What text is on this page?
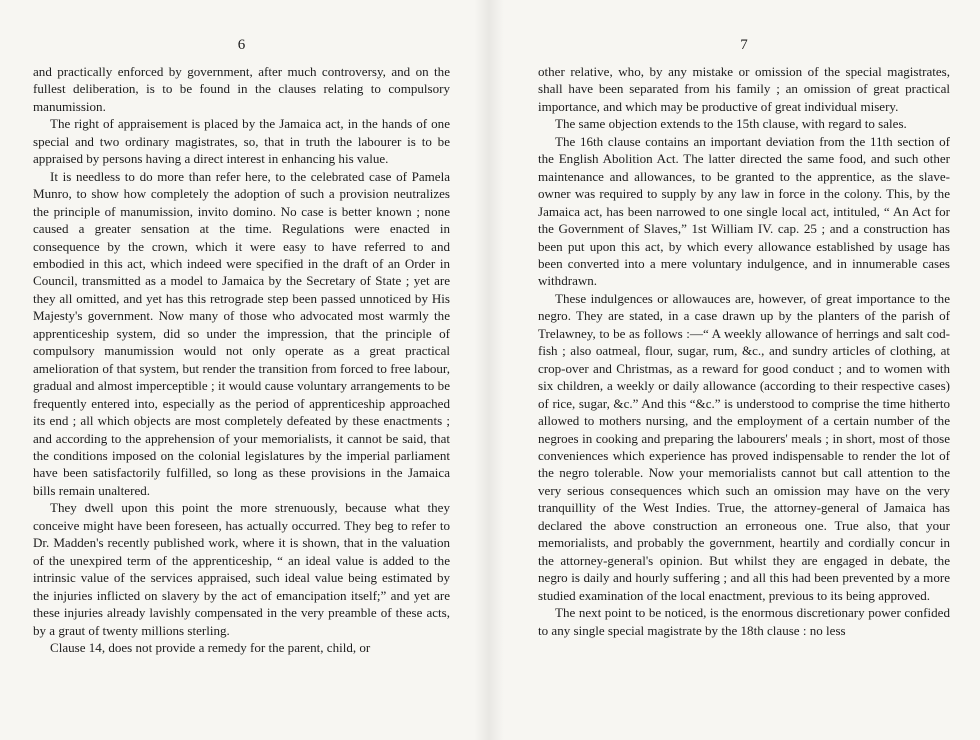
6

and practically enforced by government, after much controversy, and on the fullest deliberation, is to be found in the clauses relating to compulsory manumission.

The right of appraisement is placed by the Jamaica act, in the hands of one special and two ordinary magistrates, so, that in truth the labourer is to be appraised by persons having a direct interest in enhancing his value.

It is needless to do more than refer here, to the celebrated case of Pamela Munro, to show how completely the adoption of such a provision neutralizes the principle of manumission, invito domino. No case is better known ; none caused a greater sensation at the time. Regulations were enacted in consequence by the crown, which it were easy to have referred to and embodied in this act, which indeed were specified in the draft of an Order in Council, transmitted as a model to Jamaica by the Secretary of State ; yet are they all omitted, and yet has this retrograde step been passed unnoticed by His Majesty's government. Now many of those who advocated most warmly the apprenticeship system, did so under the impression, that the principle of compulsory manumission would not only operate as a great practical amelioration of that system, but render the transition from forced to free labour, gradual and almost imperceptible ; it would cause voluntary arrangements to be frequently entered into, especially as the period of apprenticeship approached its end ; all which objects are most completely defeated by these enactments ; and according to the apprehension of your memorialists, it cannot be said, that the conditions imposed on the colonial legislatures by the imperial parliament have been satisfactorily fulfilled, so long as these provisions in the Jamaica bills remain unaltered.

They dwell upon this point the more strenuously, because what they conceive might have been foreseen, has actually occurred. They beg to refer to Dr. Madden's recently published work, where it is shown, that in the valuation of the unexpired term of the apprenticeship, “ an ideal value is added to the intrinsic value of the services appraised, such ideal value being estimated by the injuries inflicted on slavery by the act of emancipation itself;” and yet are these injuries already lavishly compensated in the very preamble of these acts, by a graut of twenty millions sterling.

Clause 14, does not provide a remedy for the parent, child, or

7

other relative, who, by any mistake or omission of the special magistrates, shall have been separated from his family ; an omission of great practical importance, and which may be productive of great individual misery.

The same objection extends to the 15th clause, with regard to sales.

The 16th clause contains an important deviation from the 11th section of the English Abolition Act. The latter directed the same food, and such other maintenance and allowances, to be granted to the apprentice, as the slave-owner was required to supply by any law in force in the colony. This, by the Jamaica act, has been narrowed to one single local act, intituled, “ An Act for the Government of Slaves,” 1st William IV. cap. 25 ; and a construction has been put upon this act, by which every allowance established by usage has been converted into a mere voluntary indulgence, and in innumerable cases withdrawn.

These indulgences or allowauces are, however, of great importance to the negro. They are stated, in a case drawn up by the planters of the parish of Trelawney, to be as follows :—“ A weekly allowance of herrings and salt cod-fish ; also oatmeal, flour, sugar, rum, &c., and sundry articles of clothing, at crop-over and Christmas, as a reward for good conduct ; and to women with six children, a weekly or daily allowance (according to their respective cases) of rice, sugar, &c.” And this “&c.” is understood to comprise the time hitherto allowed to mothers nursing, and the employment of a certain number of the negroes in cooking and preparing the labourers' meals ; in short, most of those conveniences which experience has proved indispensable to render the lot of the negro tolerable. Now your memorialists cannot but call attention to the very serious consequences which such an omission may have on the very tranquillity of the West Indies. True, the attorney-general of Jamaica has declared the above construction an erroneous one. True also, that your memorialists, and probably the government, heartily and cordially concur in the attorney-general's opinion. But whilst they are engaged in debate, the negro is daily and hourly suffering ; and all this had been prevented by a more studied examination of the local enactment, previous to its being approved.

The next point to be noticed, is the enormous discretionary power confided to any single special magistrate by the 18th clause : no less
